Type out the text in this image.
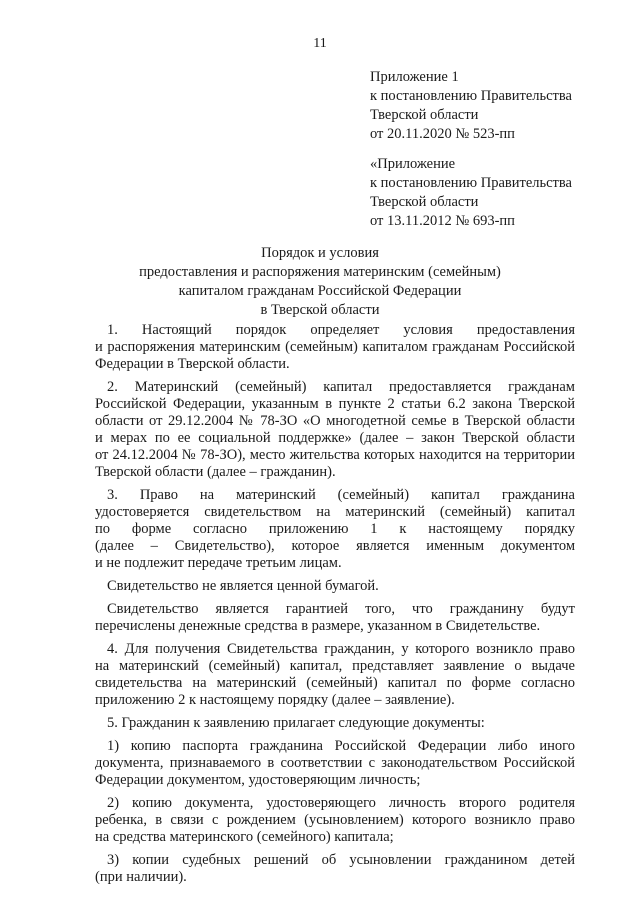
11
Приложение 1
к постановлению Правительства
Тверской области
от 20.11.2020 № 523-пп
«Приложение
к постановлению Правительства
Тверской области
от 13.11.2012 № 693-пп
Порядок и условия
предоставления и распоряжения материнским (семейным)
капиталом гражданам Российской Федерации
в Тверской области
1. Настоящий порядок определяет условия предоставления
и распоряжения материнским (семейным) капиталом гражданам Российской
Федерации в Тверской области.
2. Материнский (семейный) капитал предоставляется гражданам
Российской Федерации, указанным в пункте 2 статьи 6.2 закона Тверской
области от 29.12.2004 № 78-ЗО «О многодетной семье в Тверской области
и мерах по ее социальной поддержке» (далее – закон Тверской области
от 24.12.2004 № 78-ЗО), место жительства которых находится на территории
Тверской области (далее – гражданин).
3. Право на материнский (семейный) капитал гражданина
удостоверяется свидетельством на материнский (семейный) капитал
по форме согласно приложению 1 к настоящему порядку
(далее – Свидетельство), которое является именным документом
и не подлежит передаче третьим лицам.
Свидетельство не является ценной бумагой.
Свидетельство является гарантией того, что гражданину будут
перечислены денежные средства в размере, указанном в Свидетельстве.
4. Для получения Свидетельства гражданин, у которого возникло право
на материнский (семейный) капитал, представляет заявление о выдаче
свидетельства на материнский (семейный) капитал по форме согласно
приложению 2 к настоящему порядку (далее – заявление).
5. Гражданин к заявлению прилагает следующие документы:
1) копию паспорта гражданина Российской Федерации либо иного
документа, признаваемого в соответствии с законодательством Российской
Федерации документом, удостоверяющим личность;
2) копию документа, удостоверяющего личность второго родителя
ребенка, в связи с рождением (усыновлением) которого возникло право
на средства материнского (семейного) капитала;
3) копии судебных решений об усыновлении гражданином детей
(при наличии).
